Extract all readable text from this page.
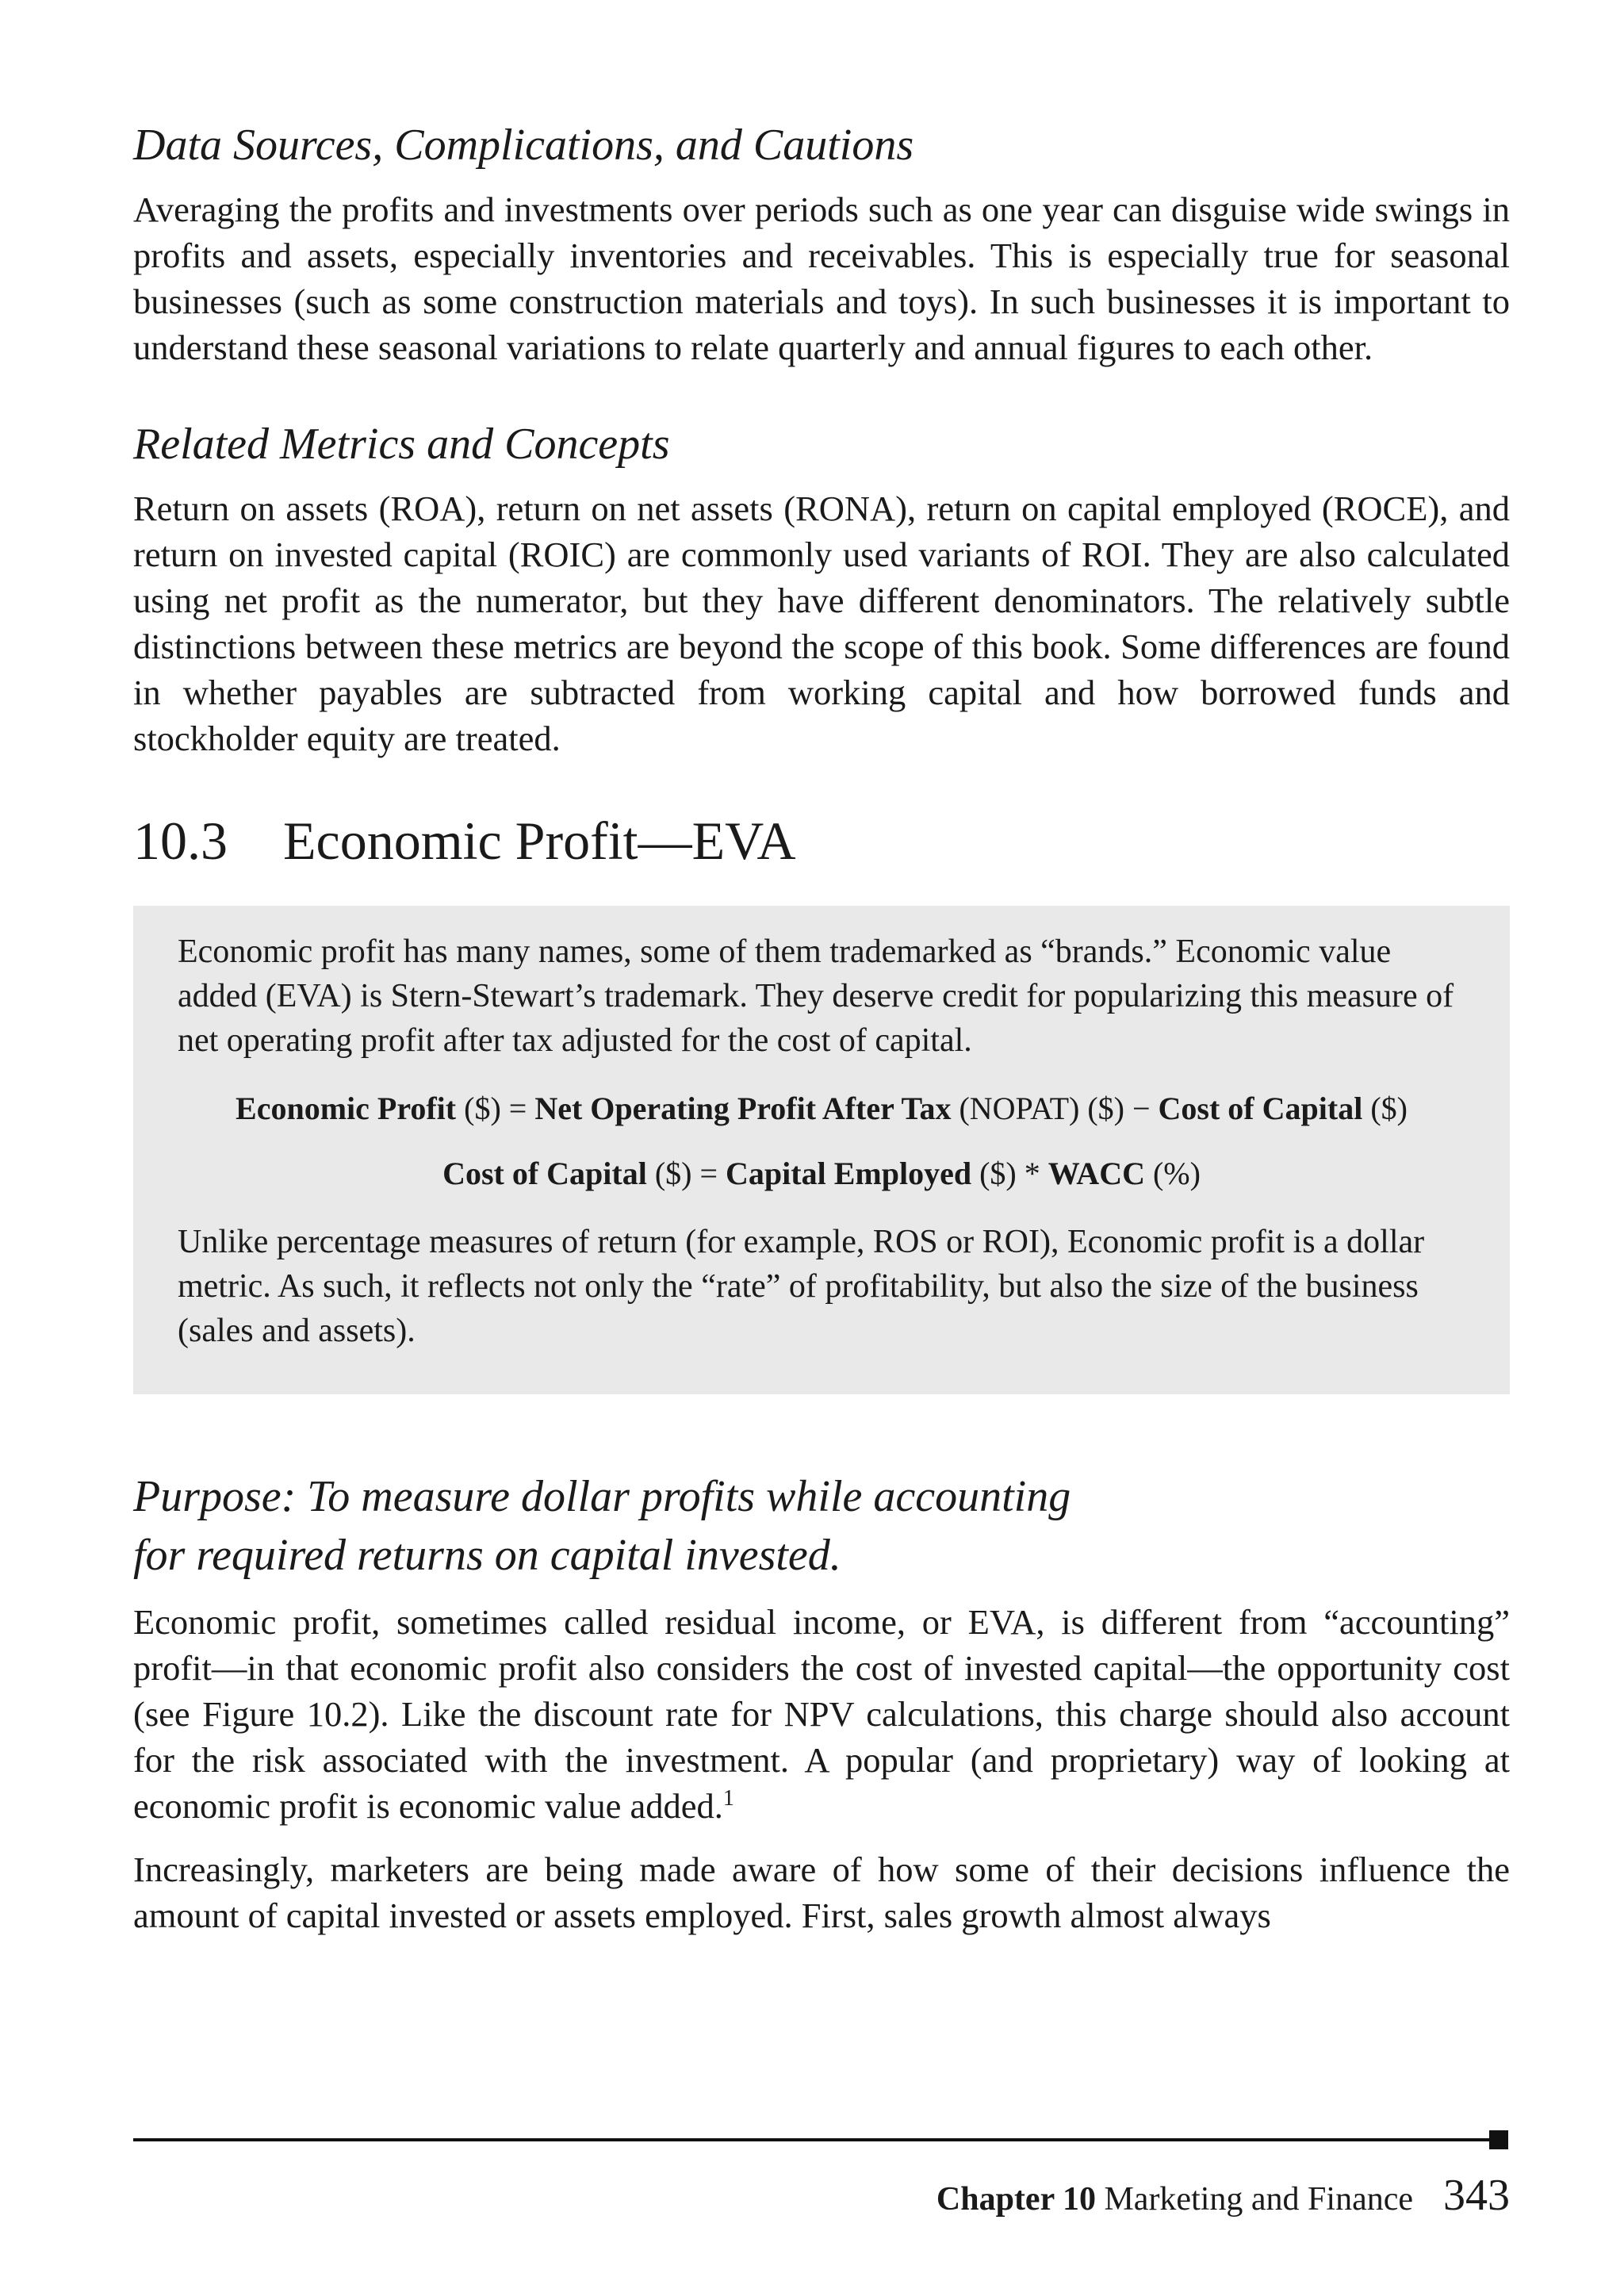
Data Sources, Complications, and Cautions

Averaging the profits and investments over periods such as one year can disguise wide swings in profits and assets, especially inventories and receivables. This is especially true for seasonal businesses (such as some construction materials and toys). In such businesses it is important to understand these seasonal variations to relate quarterly and annual figures to each other.

Related Metrics and Concepts

Return on assets (ROA), return on net assets (RONA), return on capital employed (ROCE), and return on invested capital (ROIC) are commonly used variants of ROI. They are also calculated using net profit as the numerator, but they have different denominators. The relatively subtle distinctions between these metrics are beyond the scope of this book. Some differences are found in whether payables are subtracted from working capital and how borrowed funds and stockholder equity are treated.

10.3 Economic Profit—EVA

Economic profit has many names, some of them trademarked as “brands.” Economic value added (EVA) is Stern-Stewart’s trademark. They deserve credit for popularizing this measure of net operating profit after tax adjusted for the cost of capital.

Economic Profit ($) = Net Operating Profit After Tax (NOPAT) ($) − Cost of Capital ($)
Cost of Capital ($) = Capital Employed ($) * WACC (%)

Unlike percentage measures of return (for example, ROS or ROI), Economic profit is a dollar metric. As such, it reflects not only the “rate” of profitability, but also the size of the business (sales and assets).

Purpose: To measure dollar profits while accounting
for required returns on capital invested.

Economic profit, sometimes called residual income, or EVA, is different from “accounting” profit—in that economic profit also considers the cost of invested capital—the opportunity cost (see Figure 10.2). Like the discount rate for NPV calculations, this charge should also account for the risk associated with the investment. A popular (and proprietary) way of looking at economic profit is economic value added.$^1$

Increasingly, marketers are being made aware of how some of their decisions influence the amount of capital invested or assets employed. First, sales growth almost always

Chapter 10 Marketing and Finance 343
